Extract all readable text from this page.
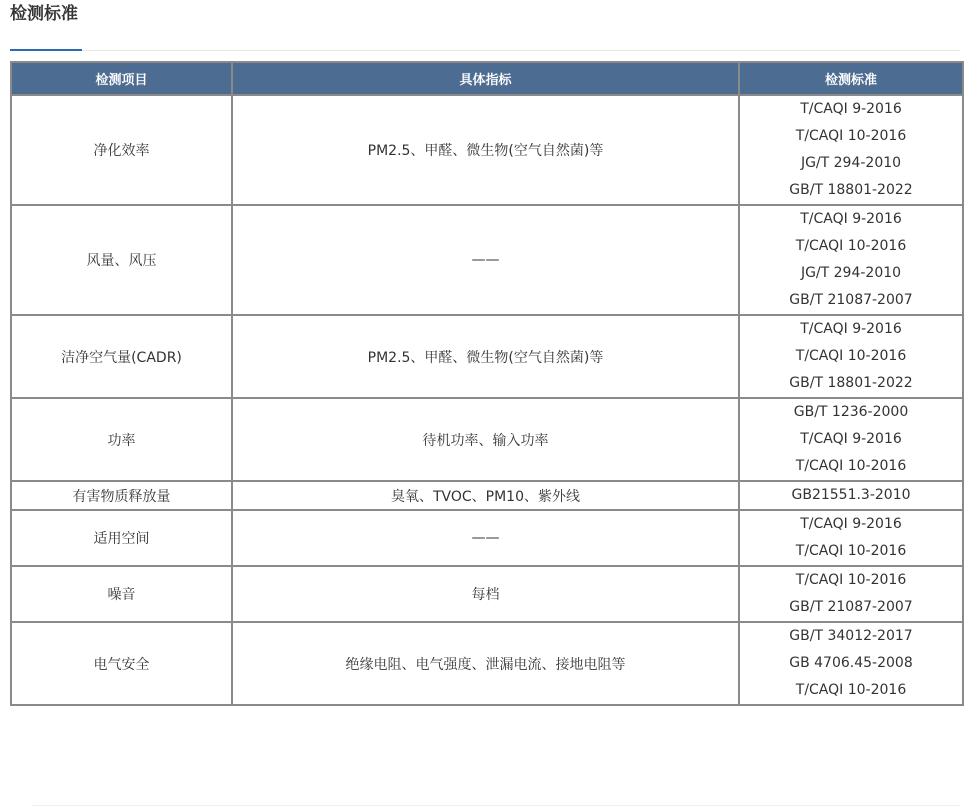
检测标准
检测项目	具体指标	检测标准
净化效率	PM2.5、甲醛、微生物(空气自然菌)等	T/CAQI 9-2016
T/CAQI 10-2016
JG/T 294-2010
GB/T 18801-2022

风量、风压	——	T/CAQI 9-2016
T/CAQI 10-2016
JG/T 294-2010
GB/T 21087-2007

洁净空气量(CADR)	PM2.5、甲醛、微生物(空气自然菌)等	T/CAQI 9-2016
T/CAQI 10-2016
GB/T 18801-2022

功率	待机功率、输入功率	GB/T 1236-2000
T/CAQI 9-2016
T/CAQI 10-2016

有害物质释放量	臭氧、TVOC、PM10、紫外线	GB21551.3-2010

适用空间	——	T/CAQI 9-2016
T/CAQI 10-2016

噪音	每档	T/CAQI 10-2016
GB/T 21087-2007

电气安全	绝缘电阻、电气强度、泄漏电流、接地电阻等	GB/T 34012-2017
GB 4706.45-2008
T/CAQI 10-2016
